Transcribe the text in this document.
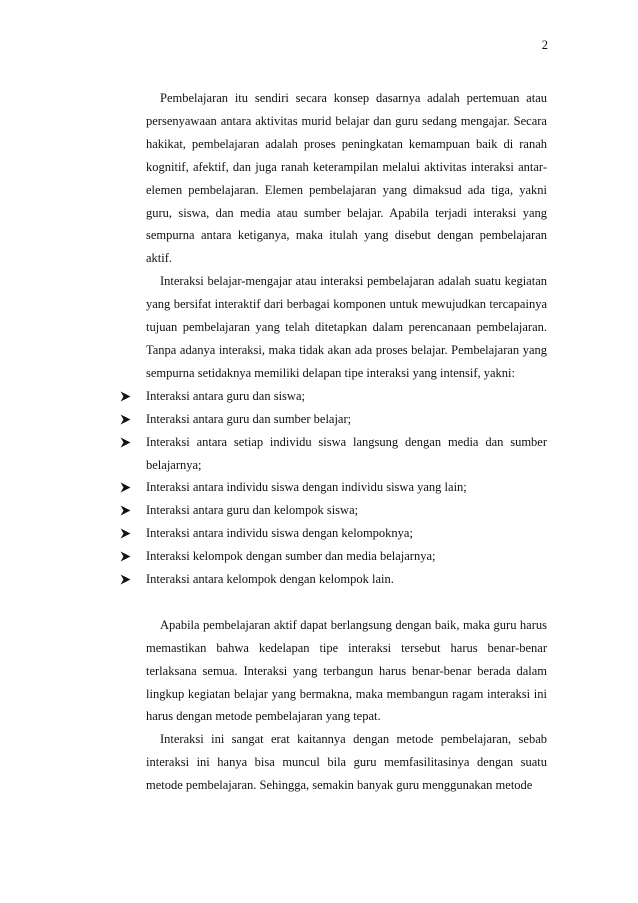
2

Pembelajaran itu sendiri secara konsep dasarnya adalah pertemuan atau persenyawaan antara aktivitas murid belajar dan guru sedang mengajar. Secara hakikat, pembelajaran adalah proses peningkatan kemampuan baik di ranah kognitif, afektif, dan juga ranah keterampilan melalui aktivitas interaksi antar-elemen pembelajaran. Elemen pembelajaran yang dimaksud ada tiga, yakni guru, siswa, dan media atau sumber belajar. Apabila terjadi interaksi yang sempurna antara ketiganya, maka itulah yang disebut dengan pembelajaran aktif.

Interaksi belajar-mengajar atau interaksi pembelajaran adalah suatu kegiatan yang bersifat interaktif dari berbagai komponen untuk mewujudkan tercapainya tujuan pembelajaran yang telah ditetapkan dalam perencanaan pembelajaran. Tanpa adanya interaksi, maka tidak akan ada proses belajar. Pembelajaran yang sempurna setidaknya memiliki delapan tipe interaksi yang intensif, yakni:

Interaksi antara guru dan siswa;
Interaksi antara guru dan sumber belajar;
Interaksi antara setiap individu siswa langsung dengan media dan sumber belajarnya;
Interaksi antara individu siswa dengan individu siswa yang lain;
Interaksi antara guru dan kelompok siswa;
Interaksi antara individu siswa dengan kelompoknya;
Interaksi kelompok dengan sumber dan media belajarnya;
Interaksi antara kelompok dengan kelompok lain.

Apabila pembelajaran aktif dapat berlangsung dengan baik, maka guru harus memastikan bahwa kedelapan tipe interaksi tersebut harus benar-benar terlaksana semua. Interaksi yang terbangun harus benar-benar berada dalam lingkup kegiatan belajar yang bermakna, maka membangun ragam interaksi ini harus dengan metode pembelajaran yang tepat.

Interaksi ini sangat erat kaitannya dengan metode pembelajaran, sebab interaksi ini hanya bisa muncul bila guru memfasilitasinya dengan suatu metode pembelajaran. Sehingga, semakin banyak guru menggunakan metode
